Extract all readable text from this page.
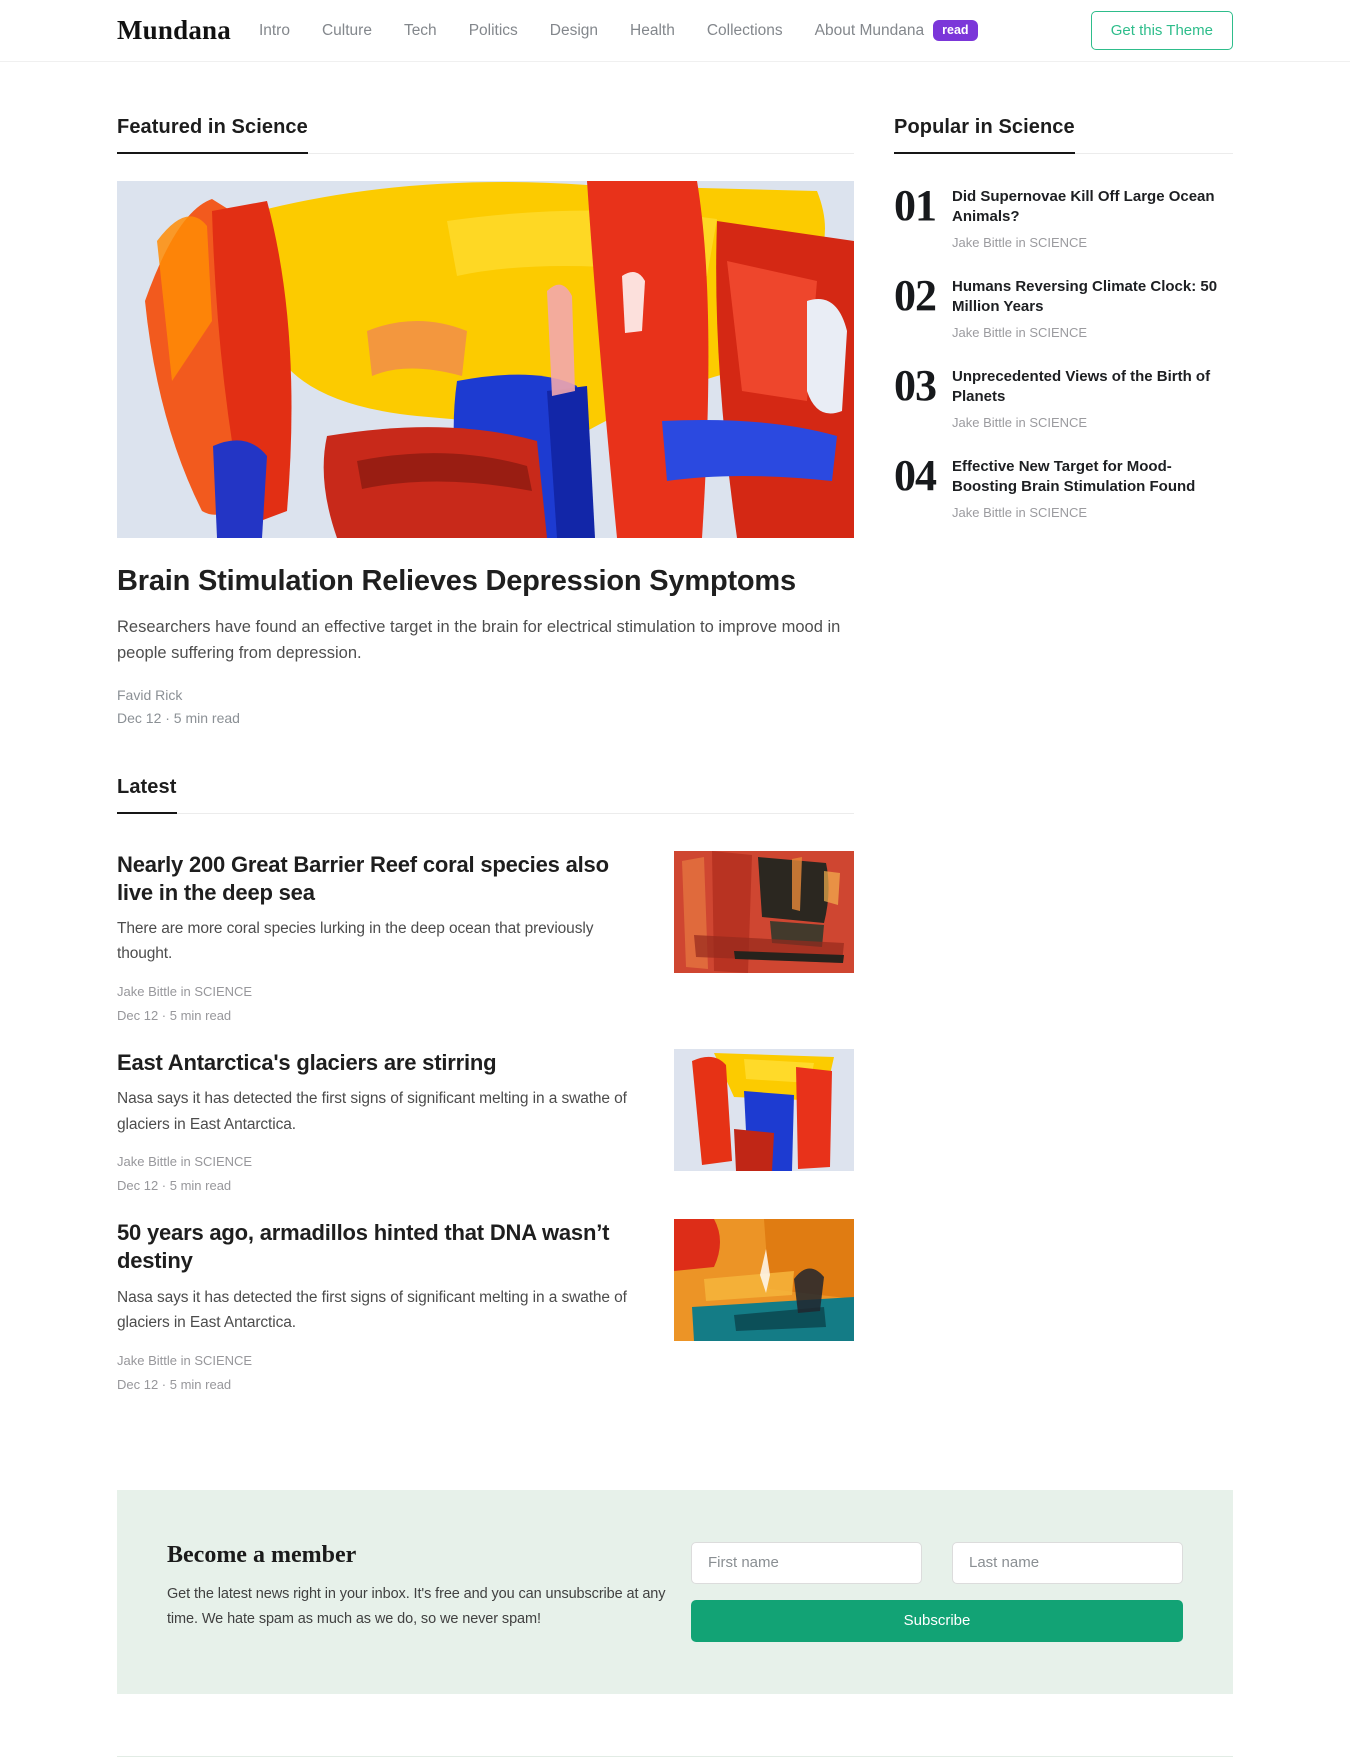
Mundana Intro Culture Tech Politics Design Health Collections About Mundana	read	Get this Theme
Featured in Science
Brain Stimulation Relieves Depression Symptoms

Researchers have found an effective target in the brain for electrical stimulation to improve mood in people suffering from depression.

Favid Rick
Dec 12 · 5 min read
Latest
Nearly 200 Great Barrier Reef coral species also live in the deep sea

There are more coral species lurking in the deep ocean that previously thought.

Jake Bittle in SCIENCE
Dec 12 · 5 min read
East Antarctica's glaciers are stirring

Nasa says it has detected the first signs of significant melting in a swathe of glaciers in East Antarctica.

Jake Bittle in SCIENCE
Dec 12 · 5 min read
50 years ago, armadillos hinted that DNA wasn’t destiny

Nasa says it has detected the first signs of significant melting in a swathe of glaciers in East Antarctica.

Jake Bittle in SCIENCE
Dec 12 · 5 min read
Popular in Science
01	Did Supernovae Kill Off Large Ocean Animals?
Jake Bittle in SCIENCE
02	Humans Reversing Climate Clock: 50 Million Years
Jake Bittle in SCIENCE
03	Unprecedented Views of the Birth of Planets
Jake Bittle in SCIENCE
04	Effective New Target for Mood-Boosting Brain Stimulation Found
Jake Bittle in SCIENCE
Become a member

Get the latest news right in your inbox. It's free and you can unsubscribe at any time. We hate spam as much as we do, so we never spam!

First name
Last name	Subscribe
